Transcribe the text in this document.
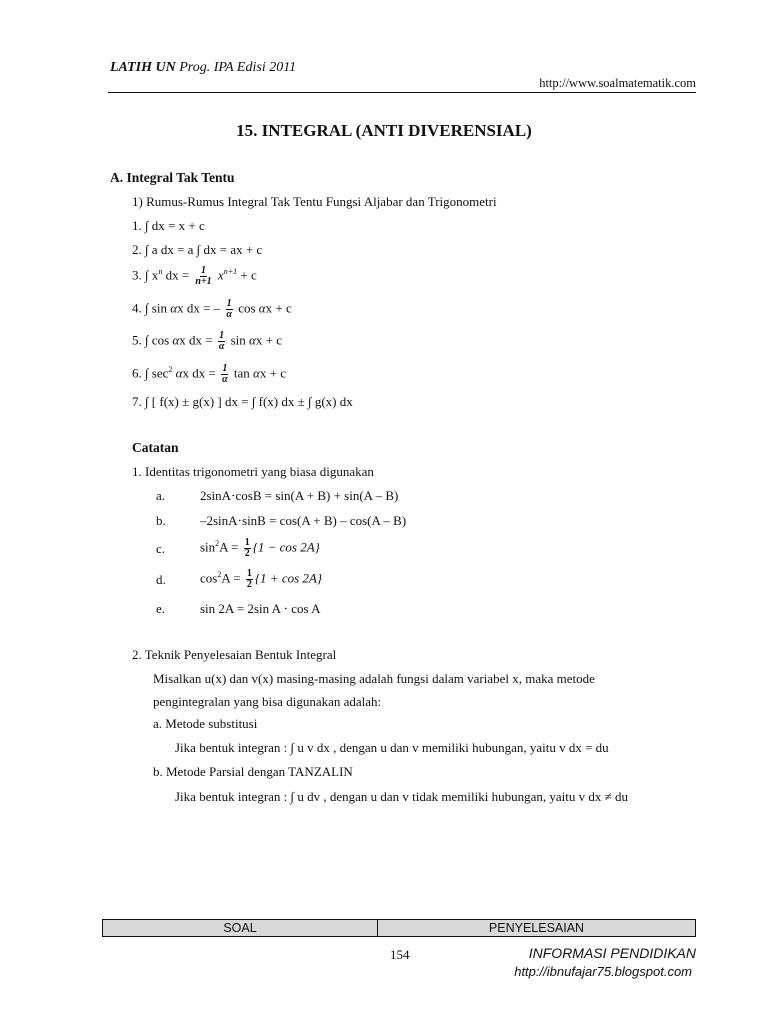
LATIH UN Prog. IPA Edisi 2011
http://www.soalmatematik.com
15. INTEGRAL (ANTI DIVERENSIAL)
A. Integral Tak Tentu
1) Rumus-Rumus Integral Tak Tentu Fungsi Aljabar dan Trigonometri
1. ∫ dx = x + c
2. ∫ a dx = a ∫ dx = ax + c
3. ∫ $x^n$ dx = $\frac{1}{n+1} x^{n+1} + c$
4. ∫ sin αx dx = – $\frac{1}{\alpha}$ cos αx + c
5. ∫ cos αx dx = $\frac{1}{\alpha}$ sin αx + c
6. ∫ $\sec^2 \alpha x$ dx = $\frac{1}{\alpha}$ tan αx + c
7. ∫ [ f(x) ± g(x) ] dx = ∫ f(x) dx ± ∫ g(x) dx
Catatan
1. Identitas trigonometri yang biasa digunakan
a.	2sinA⋅cosB = sin(A + B) + sin(A – B)
b.	–2sinA⋅sinB = cos(A + B) – cos(A – B)
c.	$\sin^2A = \frac{1}{2} \{1 - \cos 2A\}$
d.	$\cos^2A = \frac{1}{2} \{1 + \cos 2A\}$
e.	sin 2A = 2sin A ⋅ cos A
2. Teknik Penyelesaian Bentuk Integral
Misalkan u(x) dan v(x) masing-masing adalah fungsi dalam variabel x, maka metode
pengintegralan yang bisa digunakan adalah:
a. Metode substitusi
Jika bentuk integran : ∫ u v dx , dengan u dan v memiliki hubungan, yaitu v dx = du
b. Metode Parsial dengan TANZALIN
Jika bentuk integran : ∫ u dv , dengan u dan v tidak memiliki hubungan, yaitu v dx ≠ du
SOAL	PENYELESAIAN
154	INFORMASI PENDIDIKAN
http://ibnufajar75.blogspot.com
